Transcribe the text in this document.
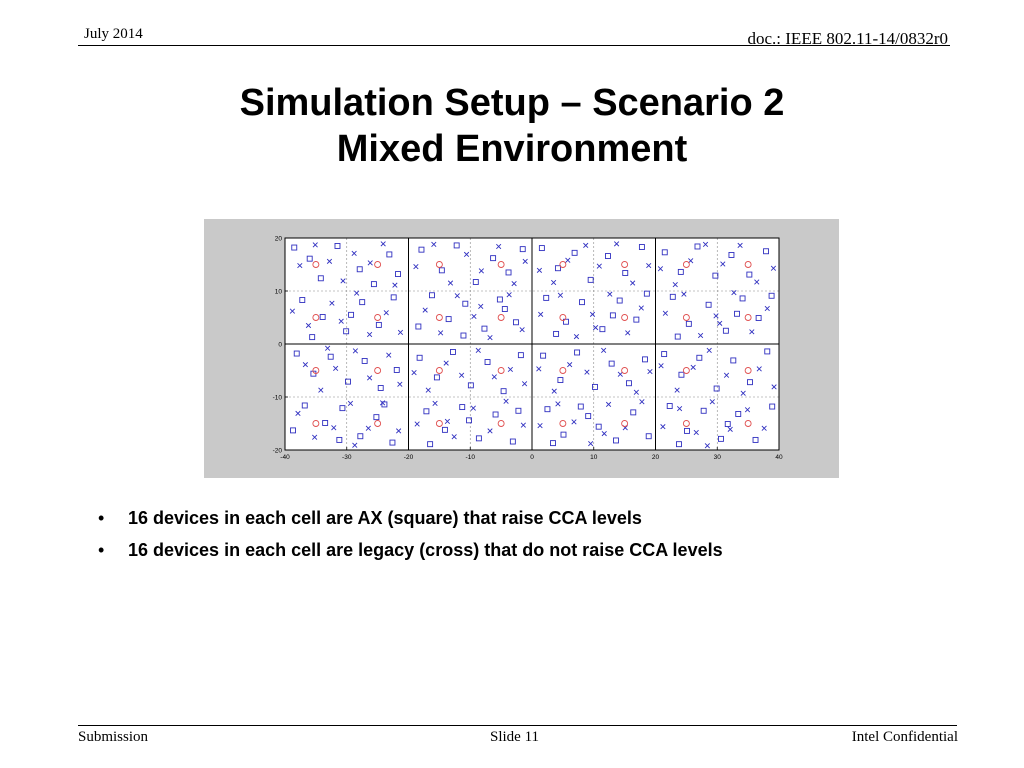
July 2014	doc.: IEEE 802.11-14/0832r0
Simulation Setup – Scenario 2
Mixed Environment
-40	-30	-20	-10	0	10	20	30	40
-20
-10
0
10
20
• 16 devices in each cell are AX (square) that raise CCA levels
• 16 devices in each cell are legacy (cross) that do not raise CCA levels
Submission	Slide 11	Intel Confidential
